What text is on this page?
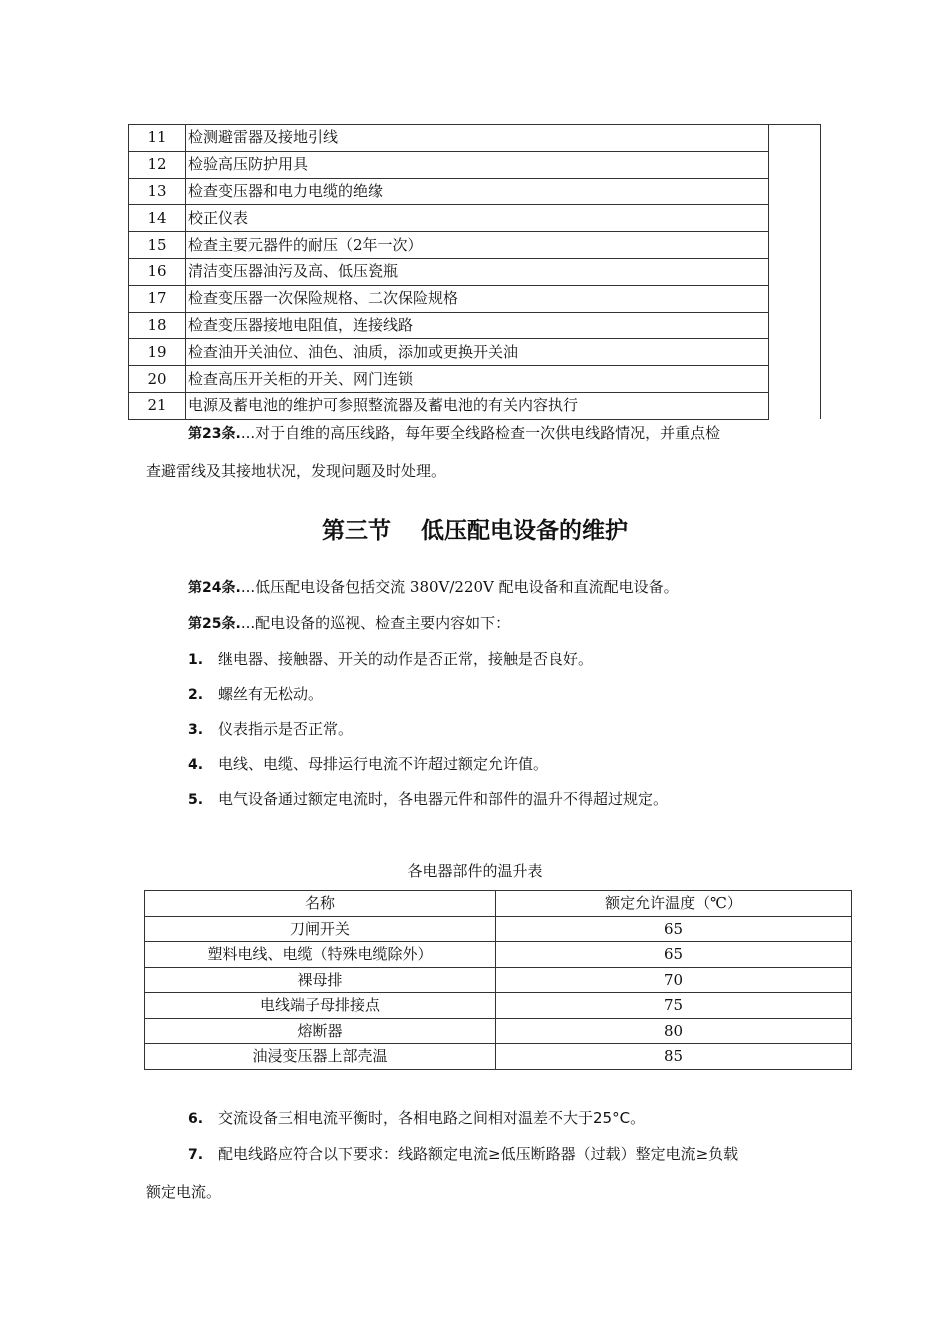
11	检测避雷器及接地引线
12	检验高压防护用具
13	检查变压器和电力电缆的绝缘
14	校正仪表
15	检查主要元器件的耐压（2年一次）
16	清洁变压器油污及高、低压瓷瓶
17	检查变压器一次保险规格、二次保险规格
18	检查变压器接地电阻值，连接线路
19	检查油开关油位、油色、油质，添加或更换开关油
20	检查高压开关柜的开关、网门连锁
21	电源及蓄电池的维护可参照整流器及蓄电池的有关内容执行
第23条....对于自维的高压线路，每年要全线路检查一次供电线路情况，并重点检
查避雷线及其接地状况，发现问题及时处理。
第三节 低压配电设备的维护
第24条....低压配电设备包括交流 380V/220V 配电设备和直流配电设备。
第25条....配电设备的巡视、检查主要内容如下：
1. 继电器、接触器、开关的动作是否正常，接触是否良好。
2. 螺丝有无松动。
3. 仪表指示是否正常。
4. 电线、电缆、母排运行电流不许超过额定允许值。
5. 电气设备通过额定电流时，各电器元件和部件的温升不得超过规定。
各电器部件的温升表
名称	额定允许温度（℃）
刀闸开关	65
塑料电线、电缆（特殊电缆除外）	65
裸母排	70
电线端子母排接点	75
熔断器	80
油浸变压器上部壳温	85
6. 交流设备三相电流平衡时，各相电路之间相对温差不大于25°C。
7. 配电线路应符合以下要求：线路额定电流≥低压断路器（过载）整定电流≥负载
额定电流。
